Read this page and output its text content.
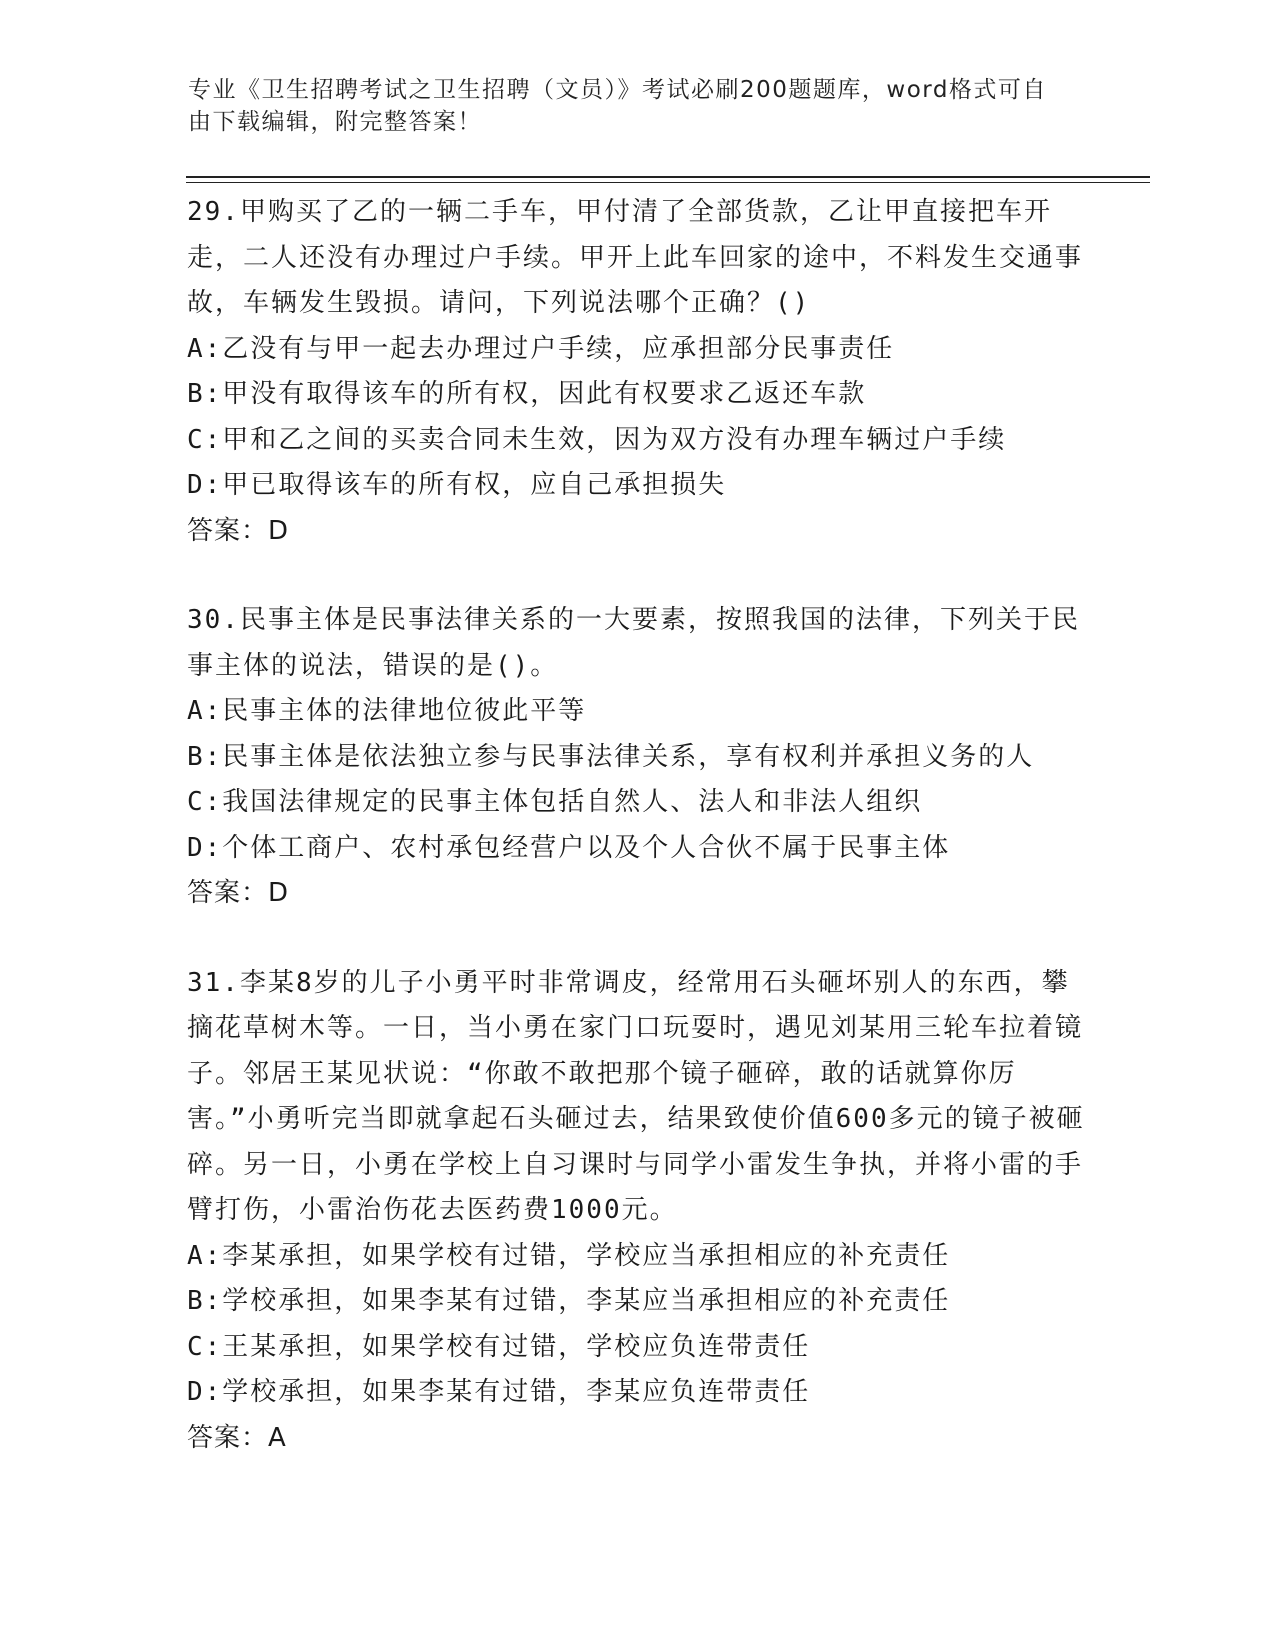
专业《卫生招聘考试之卫生招聘（文员）》考试必刷200题题库，word格式可自由下载编辑，附完整答案！

29.甲购买了乙的一辆二手车，甲付清了全部货款，乙让甲直接把车开走，二人还没有办理过户手续。甲开上此车回家的途中，不料发生交通事故，车辆发生毁损。请问，下列说法哪个正确？()

A:乙没有与甲一起去办理过户手续，应承担部分民事责任

B:甲没有取得该车的所有权，因此有权要求乙返还车款

C:甲和乙之间的买卖合同未生效，因为双方没有办理车辆过户手续

D:甲已取得该车的所有权，应自己承担损失

答案：D

30.民事主体是民事法律关系的一大要素，按照我国的法律，下列关于民事主体的说法，错误的是()。

A:民事主体的法律地位彼此平等

B:民事主体是依法独立参与民事法律关系，享有权利并承担义务的人

C:我国法律规定的民事主体包括自然人、法人和非法人组织

D:个体工商户、农村承包经营户以及个人合伙不属于民事主体

答案：D

31.李某8岁的儿子小勇平时非常调皮，经常用石头砸坏别人的东西，攀摘花草树木等。一日，当小勇在家门口玩耍时，遇见刘某用三轮车拉着镜子。邻居王某见状说：“你敢不敢把那个镜子砸碎，敢的话就算你厉害。”小勇听完当即就拿起石头砸过去，结果致使价值600多元的镜子被砸碎。另一日，小勇在学校上自习课时与同学小雷发生争执，并将小雷的手臂打伤，小雷治伤花去医药费1000元。

A:李某承担，如果学校有过错，学校应当承担相应的补充责任

B:学校承担，如果李某有过错，李某应当承担相应的补充责任

C:王某承担，如果学校有过错，学校应负连带责任

D:学校承担，如果李某有过错，李某应负连带责任

答案：A
